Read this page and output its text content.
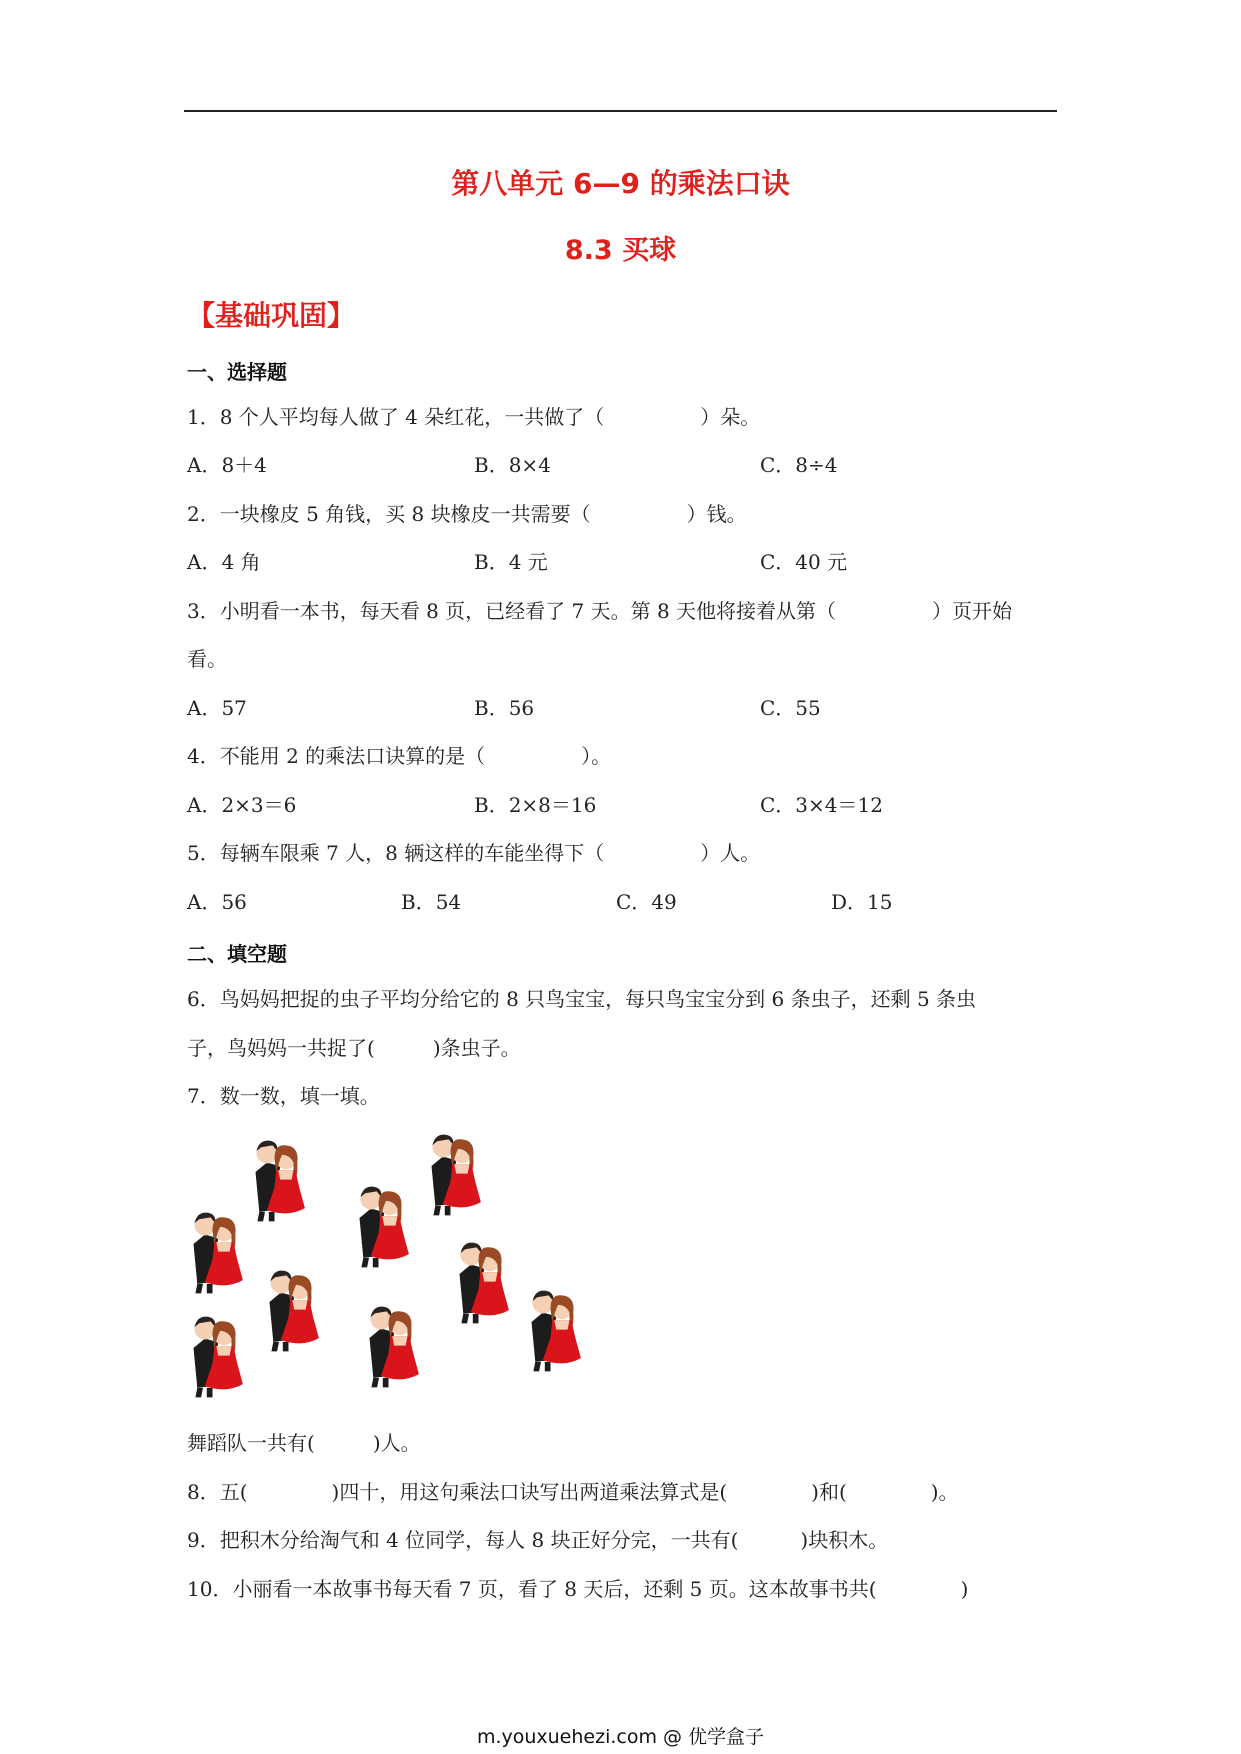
第八单元 6—9 的乘法口诀
8.3 买球
【基础巩固】
一、选择题
1．8 个人平均每人做了 4 朵红花，一共做了（	）朵。
A．8＋4	B．8×4	C．8÷4
2．一块橡皮 5 角钱，买 8 块橡皮一共需要（	）钱。
A．4 角	B．4 元	C．40 元
3．小明看一本书，每天看 8 页，已经看了 7 天。第 8 天他将接着从第（	）页开始
看。
A．57	B．56	C．55
4．不能用 2 的乘法口诀算的是（	）。
A．2×3＝6	B．2×8＝16	C．3×4＝12
5．每辆车限乘 7 人，8 辆这样的车能坐得下（	）人。
A．56	B．54	C．49	D．15
二、填空题
6．鸟妈妈把捉的虫子平均分给它的 8 只鸟宝宝，每只鸟宝宝分到 6 条虫子，还剩 5 条虫
子，鸟妈妈一共捉了(	)条虫子。
7．数一数，填一填。
舞蹈队一共有(	)人。
8．五(	)四十，用这句乘法口诀写出两道乘法算式是(	)和(	)。
9．把积木分给淘气和 4 位同学，每人 8 块正好分完，一共有(	)块积木。
10．小丽看一本故事书每天看 7 页，看了 8 天后，还剩 5 页。这本故事书共(	)
m.youxuehezi.com @ 优学盒子
